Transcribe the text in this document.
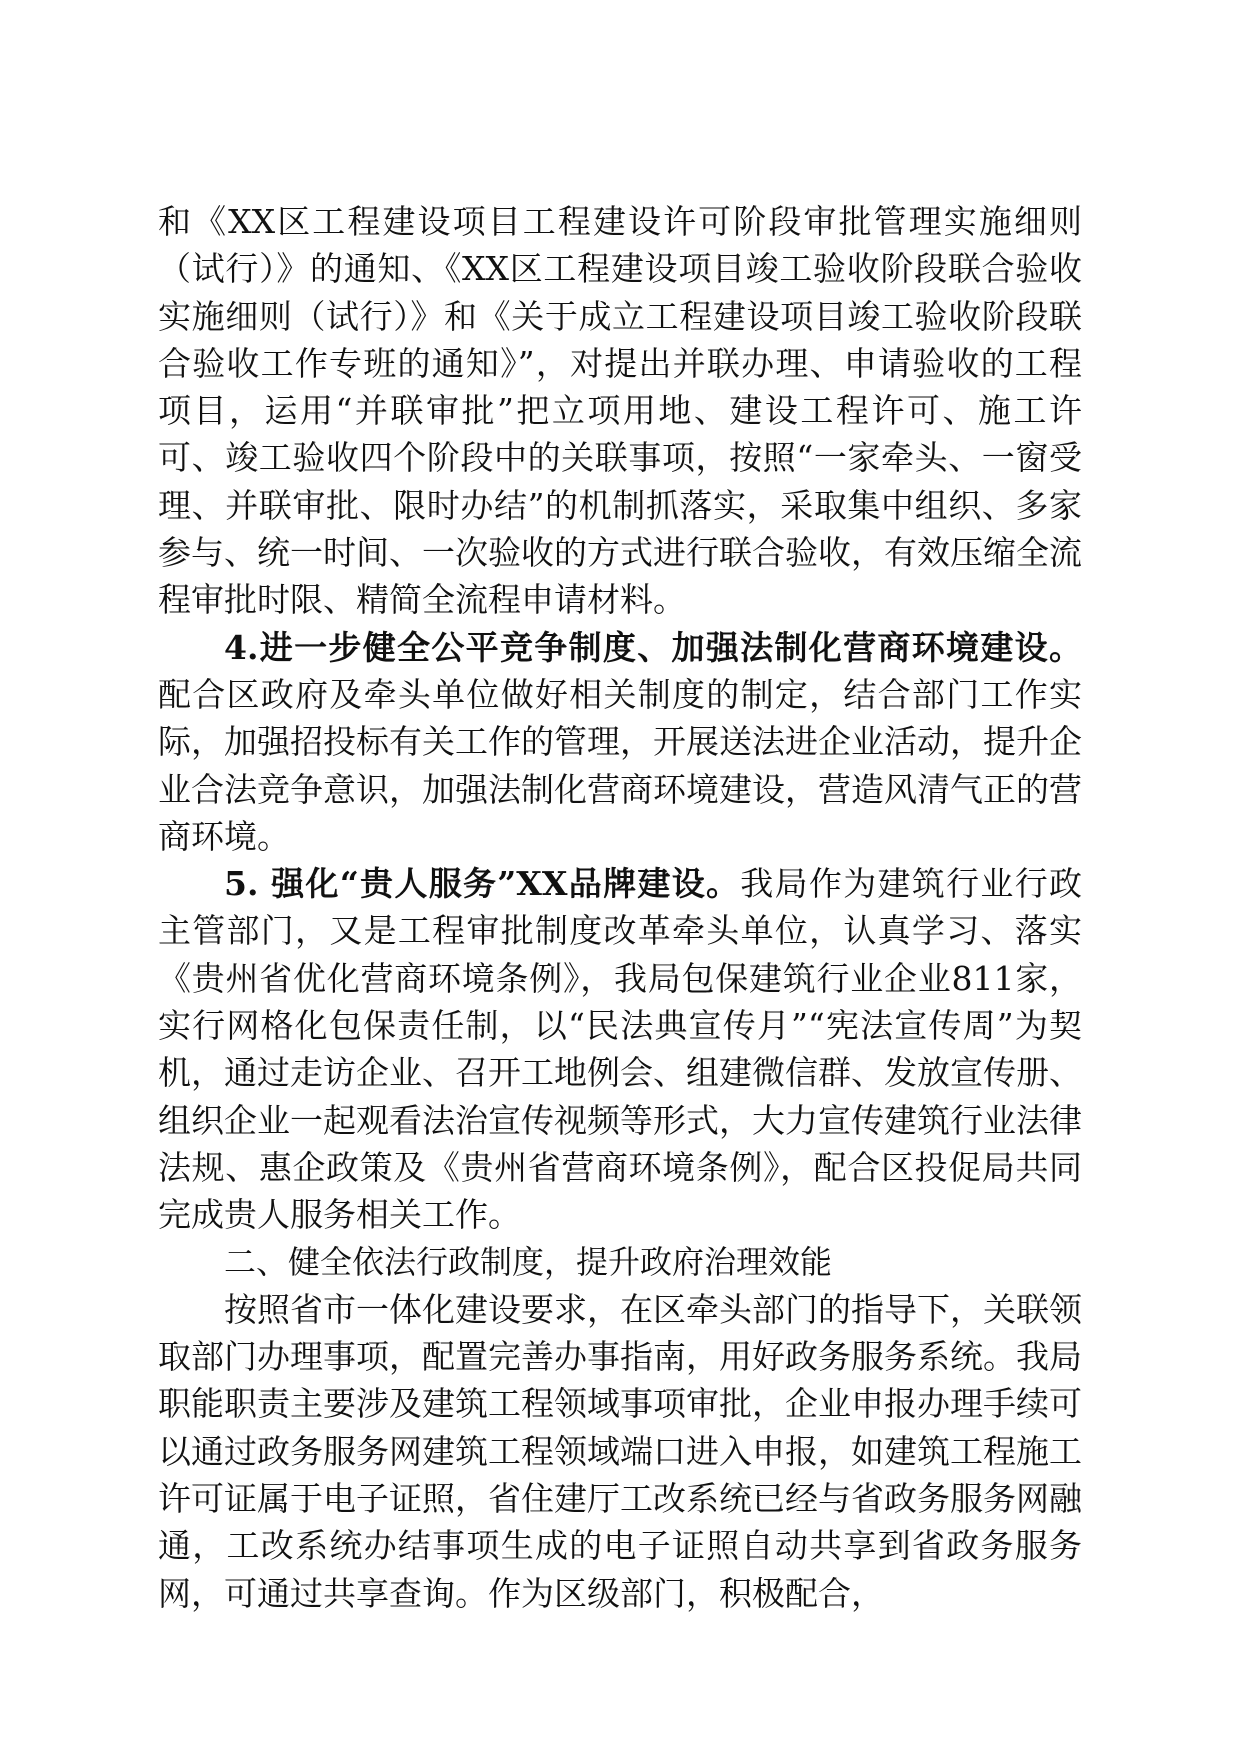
和《XX区工程建设项目工程建设许可阶段审批管理实施细则（试行）》的通知、《XX区工程建设项目竣工验收阶段联合验收实施细则（试行）》和《关于成立工程建设项目竣工验收阶段联合验收工作专班的通知》”，对提出并联办理、申请验收的工程项目，运用“并联审批”把立项用地、建设工程许可、施工许可、竣工验收四个阶段中的关联事项，按照“一家牵头、一窗受理、并联审批、限时办结”的机制抓落实，采取集中组织、多家参与、统一时间、一次验收的方式进行联合验收，有效压缩全流程审批时限、精简全流程申请材料。

4.进一步健全公平竞争制度、加强法制化营商环境建设。配合区政府及牵头单位做好相关制度的制定，结合部门工作实际，加强招投标有关工作的管理，开展送法进企业活动，提升企业合法竞争意识，加强法制化营商环境建设，营造风清气正的营商环境。

5. 强化“贵人服务”XX品牌建设。我局作为建筑行业行政主管部门，又是工程审批制度改革牵头单位，认真学习、落实《贵州省优化营商环境条例》，我局包保建筑行业企业811家，实行网格化包保责任制，以“民法典宣传月”“宪法宣传周”为契机，通过走访企业、召开工地例会、组建微信群、发放宣传册、组织企业一起观看法治宣传视频等形式，大力宣传建筑行业法律法规、惠企政策及《贵州省营商环境条例》，配合区投促局共同完成贵人服务相关工作。

二、健全依法行政制度，提升政府治理效能

按照省市一体化建设要求，在区牵头部门的指导下，关联领取部门办理事项，配置完善办事指南，用好政务服务系统。我局职能职责主要涉及建筑工程领域事项审批，企业申报办理手续可以通过政务服务网建筑工程领域端口进入申报，如建筑工程施工许可证属于电子证照，省住建厅工改系统已经与省政务服务网融通，工改系统办结事项生成的电子证照自动共享到省政务服务网，可通过共享查询。作为区级部门，积极配合，
